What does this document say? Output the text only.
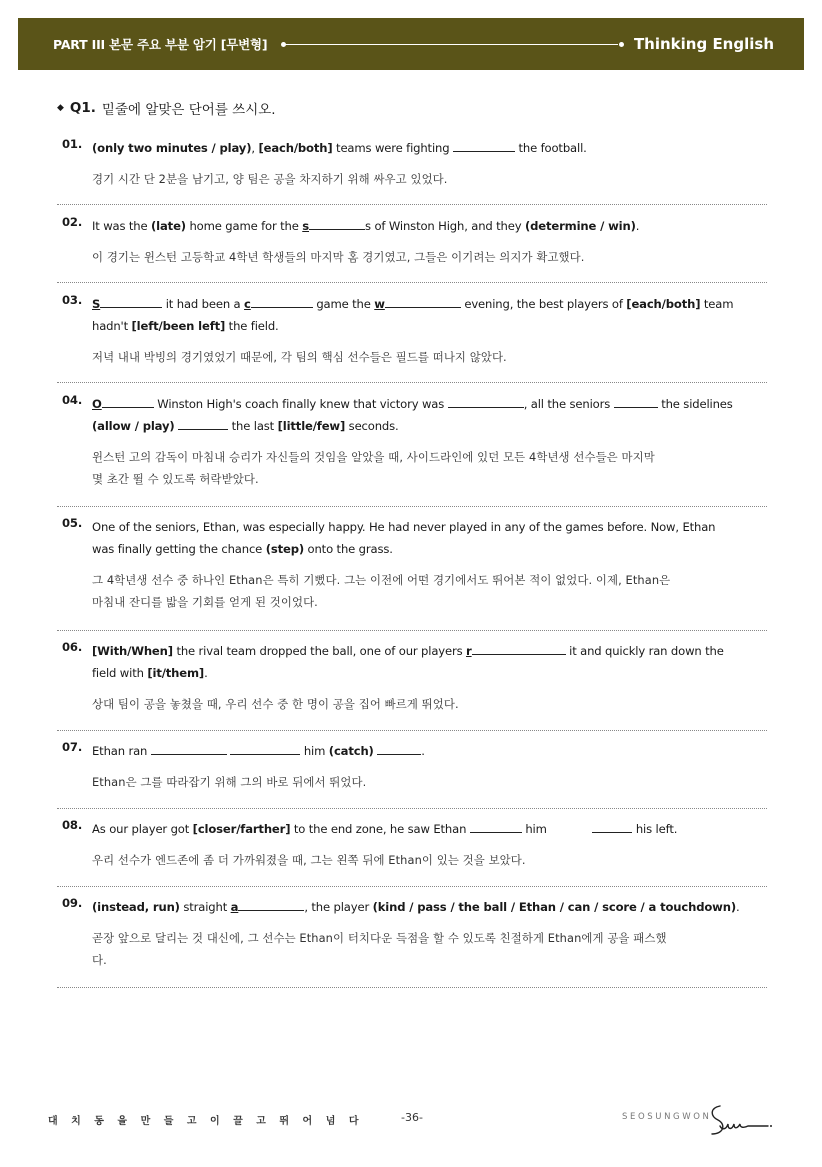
PART III 본문 주요 부분 암기 [무변형]	Thinking English
◆ Q1. 밑줄에 알맞은 단어를 쓰시오.
01. (only two minutes / play), [each/both] teams were fighting	the football.
경기 시간 단 2분을 남기고, 양 팀은 공을 차지하기 위해 싸우고 있었다.
02. It was the (late) home game for the s	s of Winston High, and they (determine / win).
이 경기는 윈스턴 고등학교 4학년 학생들의 마지막 홈 경기였고, 그들은 이기려는 의지가 확고했다.
03. S	it had been a c	game the w	evening, the best players of [each/both] team
hadn't [left/been left] the field.
저녁 내내 박빙의 경기였었기 때문에, 각 팀의 핵심 선수들은 필드를 떠나지 않았다.
04. O	Winston High's coach finally knew that victory was	, all the seniors	the sidelines
(allow / play)	the last [little/few] seconds.
윈스턴 고의 감독이 마침내 승리가 자신들의 것임을 알았을 때, 사이드라인에 있던 모든 4학년생 선수들은 마지막
몇 초간 뛸 수 있도록 허락받았다.
05. One of the seniors, Ethan, was especially happy. He had never played in any of the games before. Now, Ethan
was finally getting the chance (step) onto the grass.
그 4학년생 선수 중 하나인 Ethan은 특히 기뻤다. 그는 이전에 어떤 경기에서도 뛰어본 적이 없었다. 이제, Ethan은
마침내 잔디를 밟을 기회를 얻게 된 것이었다.
06. [With/When] the rival team dropped the ball, one of our players r	it and quickly ran down the
field with [it/them].
상대 팀이 공을 놓쳤을 때, 우리 선수 중 한 명이 공을 집어 빠르게 뛰었다.
07. Ethan ran	him (catch)	.
Ethan은 그를 따라잡기 위해 그의 바로 뒤에서 뛰었다.
08. As our player got [closer/farther] to the end zone, he saw Ethan	him	his left.
우리 선수가 엔드존에 좀 더 가까워졌을 때, 그는 왼쪽 뒤에 Ethan이 있는 것을 보았다.
09. (instead, run) straight a	, the player (kind / pass / the ball / Ethan / can / score / a touchdown).
곧장 앞으로 달리는 것 대신에, 그 선수는 Ethan이 터치다운 득점을 할 수 있도록 친절하게 Ethan에게 공을 패스했
다.
대 치 동 을 만 들 고 이 끌 고 뛰 어 넘 다	-36-	SEOSUNGWON
